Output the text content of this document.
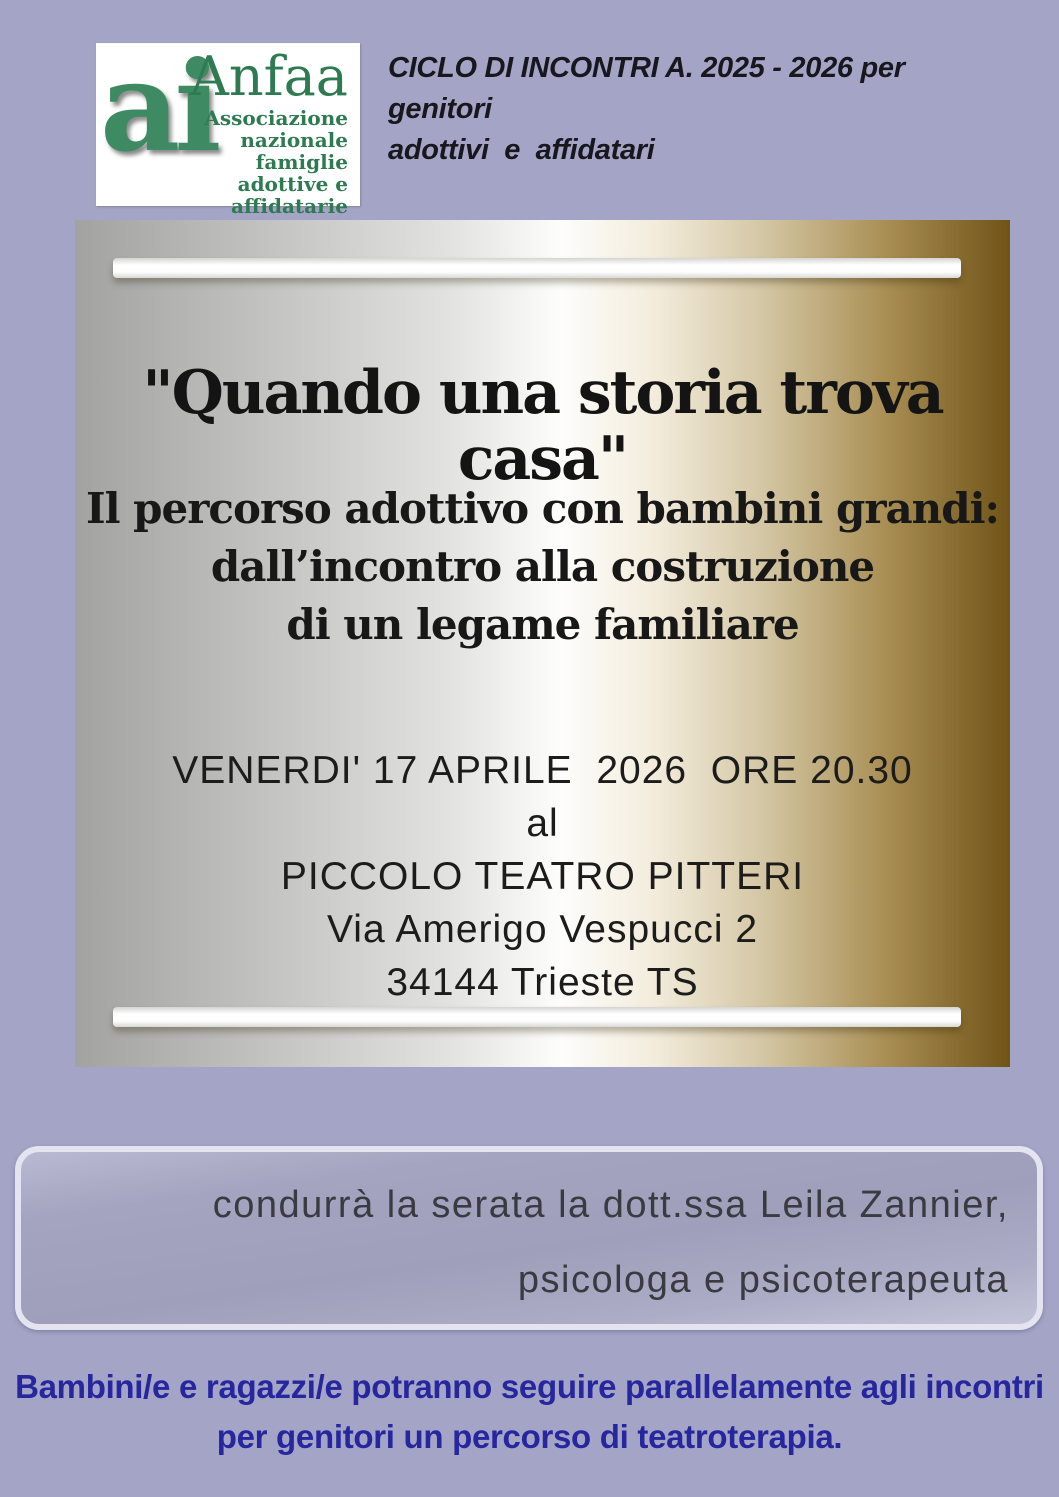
ai
Anfaa
Associazione
nazionale
famiglie
adottive e
affidatarie
CICLO DI INCONTRI A. 2025 - 2026 per genitori
adottivi  e  affidatari
"Quando una storia trova casa"
Il percorso adottivo con bambini grandi:
dall’incontro alla costruzione
di un legame familiare
VENERDI' 17 APRILE  2026  ORE 20.30
al
PICCOLO TEATRO PITTERI
Via Amerigo Vespucci 2
34144 Trieste TS
condurrà la serata la dott.ssa Leila Zannier,
psicologa e psicoterapeuta
Bambini/e e ragazzi/e potranno seguire parallelamente agli incontri
per genitori un percorso di teatroterapia.
